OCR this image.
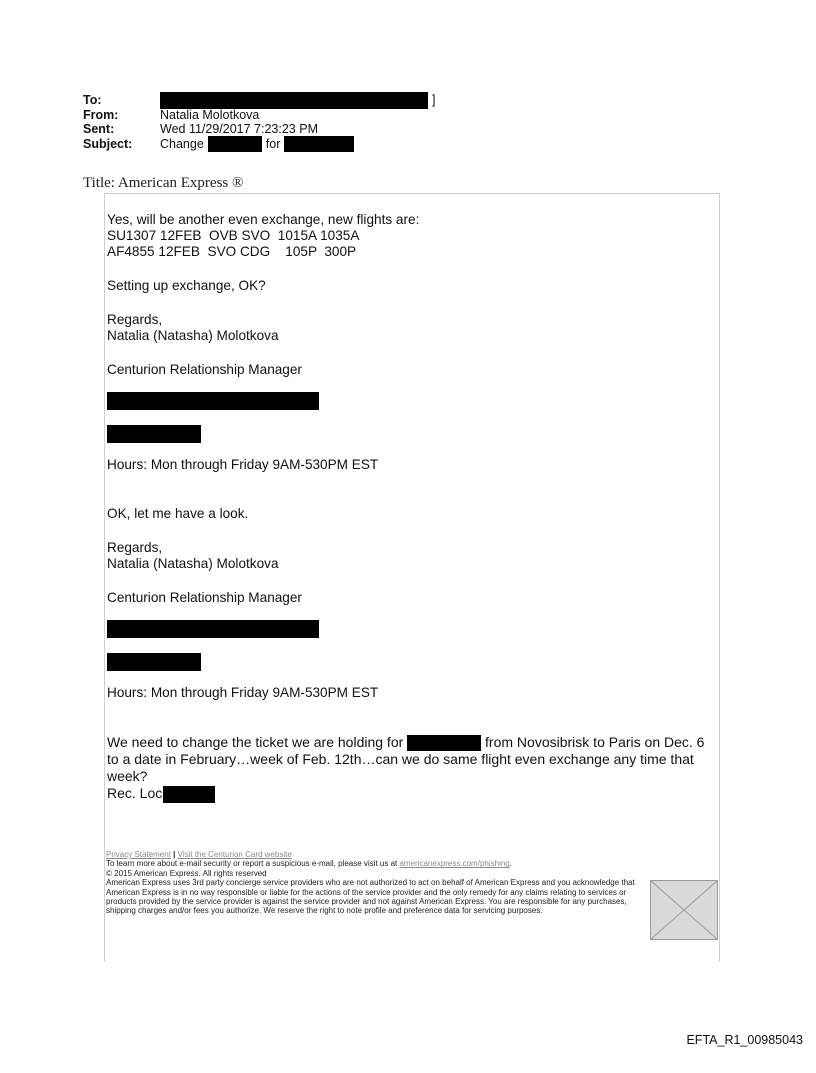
To:	]
From:	Natalia Molotkova
Sent:	Wed 11/29/2017 7:23:23 PM
Subject:	Change	for
Title: American Express ®

Yes, will be another even exchange, new flights are:

SU1307 12FEB  OVB SVO  1015A 1035A

AF4855 12FEB  SVO CDG    105P  300P

Setting up exchange, OK?

Regards,

Natalia (Natasha) Molotkova

Centurion Relationship Manager

Hours: Mon through Friday 9AM-530PM EST

OK, let me have a look.

Regards,

Natalia (Natasha) Molotkova

Centurion Relationship Manager

Hours: Mon through Friday 9AM-530PM EST

We need to change the ticket we are holding for	from Novosibrisk to Paris on Dec. 6

to a date in February…week of Feb. 12th…can we do same flight even exchange any time that

week?

Rec. Loc

Privacy Statement | Visit the Centurion Card website
To learn more about e-mail security or report a suspicious e-mail, please visit us at americanexpress.com/phishing.
© 2015 American Express. All rights reserved
American Express uses 3rd party concierge service providers who are not authorized to act on behalf of American Express and you acknowledge that American Express is in no way responsible or liable for the actions of the service provider and the only remedy for any claims relating to services or products provided by the service provider is against the service provider and not against American Express. You are responsible for any purchases, shipping charges and/or fees you authorize. We reserve the right to note profile and preference data for servicing purposes.
EFTA_R1_00985043
